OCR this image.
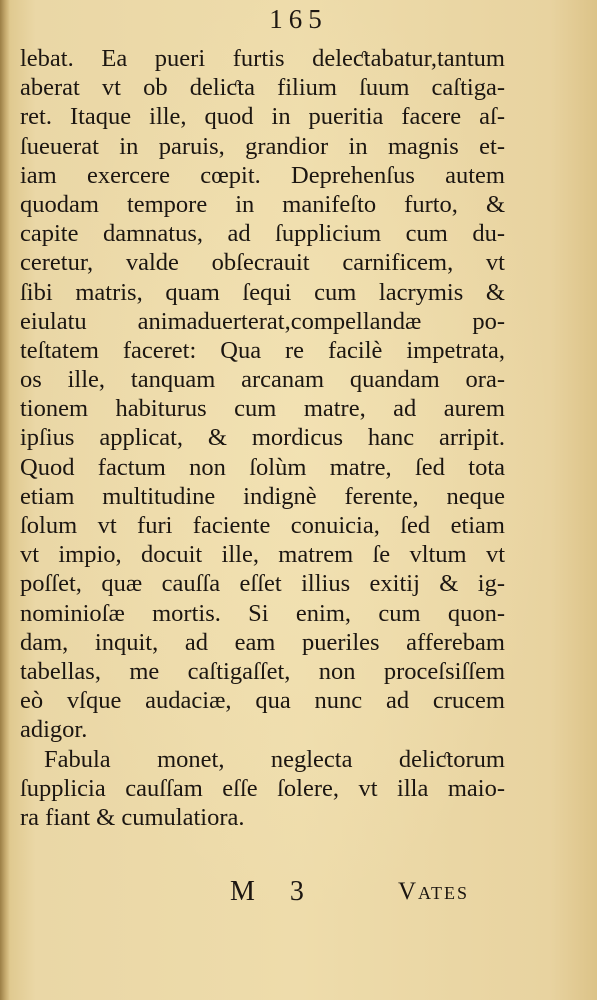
165
lebat. Ea pueri furtis deleƈtabatur,tantum
aberat vt ob deliƈta filium ſuum caſtiga-
ret. Itaque ille, quod in pueritia facere aſ-
ſueuerat in paruis, grandior in magnis et-
iam exercere cœpit. Deprehenſus autem
quodam tempore in manifeſto furto, &
capite damnatus, ad ſupplicium cum du-
ceretur, valde obſecrauit carnificem, vt
ſibi matris, quam ſequi cum lacrymis &
eiulatu animaduerterat,compellandæ po-
teſtatem faceret: Qua re facilè impetrata,
os ille, tanquam arcanam quandam ora-
tionem habiturus cum matre, ad aurem
ipſius applicat, & mordicus hanc arripit.
Quod factum non ſolùm matre, ſed tota
etiam multitudine indignè ferente, neque
ſolum vt furi faciente conuicia, ſed etiam
vt impio, docuit ille, matrem ſe vltum vt
poſſet, quæ cauſſa eſſet illius exitij & ig-
nominioſæ mortis. Si enim, cum quon-
dam, inquit, ad eam pueriles afferebam
tabellas, me caſtigaſſet, non proceſsiſſem
eò vſque audaciæ, qua nunc ad crucem
adigor.
Fabula monet, neglecta deliƈtorum
ſupplicia cauſſam eſſe ſolere, vt illa maio-
ra fiant & cumulatiora.
M 3	Vates
